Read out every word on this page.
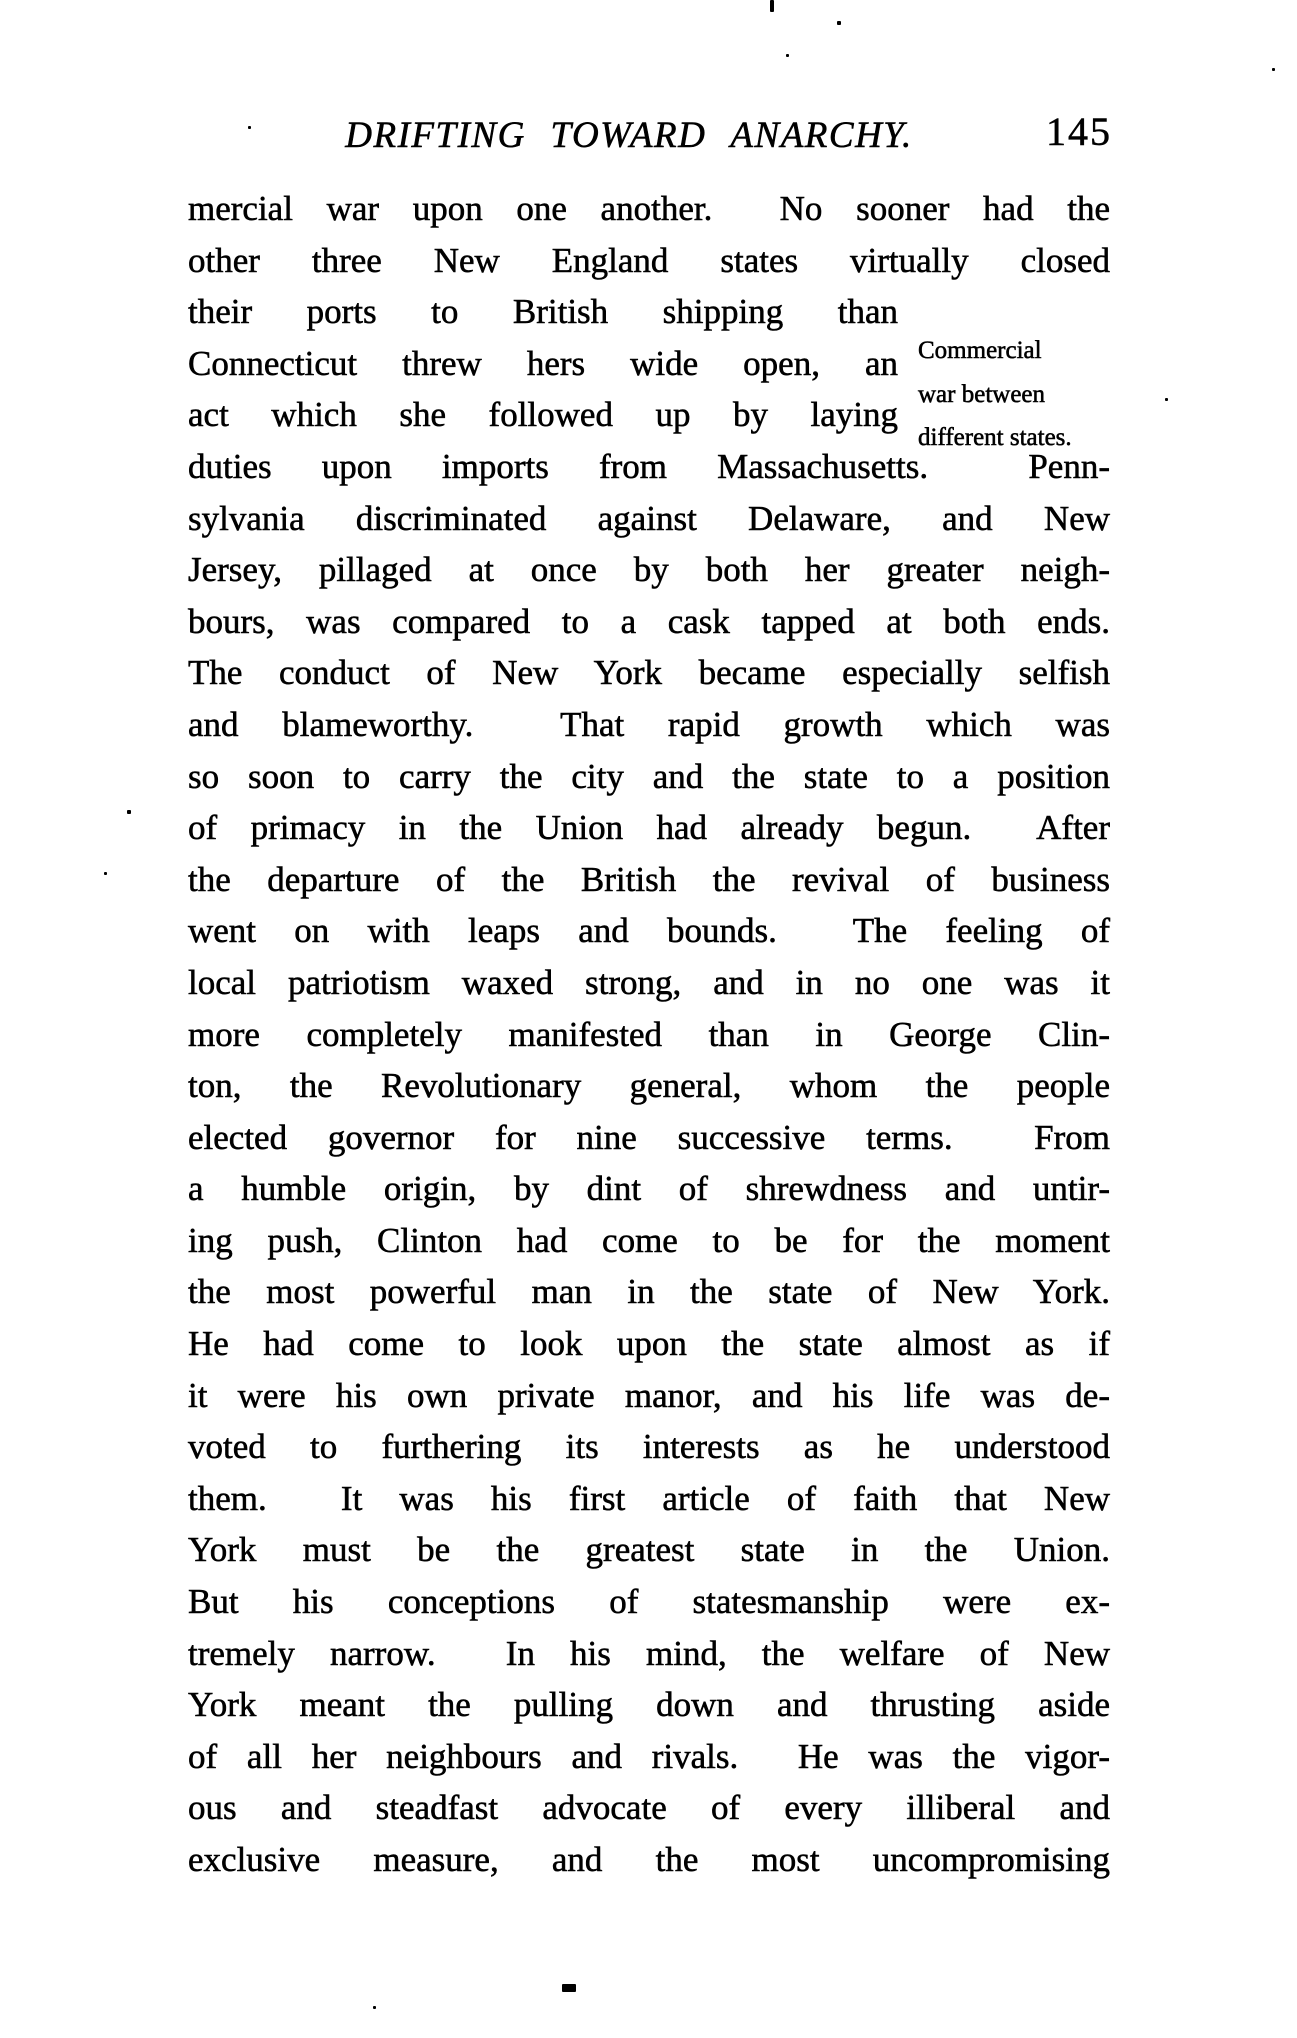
DRIFTING TOWARD ANARCHY.	145
mercial war upon one another.  No sooner had the
other three New England states virtually closed
their ports to British shipping than
Connecticut threw hers wide open, an
act which she followed up by laying
duties upon imports from Massachusetts.  Penn-
sylvania discriminated against Delaware, and New
Jersey, pillaged at once by both her greater neigh-
bours, was compared to a cask tapped at both ends.
The conduct of New York became especially selfish
and blameworthy.  That rapid growth which was
so soon to carry the city and the state to a position
of primacy in the Union had already begun.  After
the departure of the British the revival of business
went on with leaps and bounds.  The feeling of
local patriotism waxed strong, and in no one was it
more completely manifested than in George Clin-
ton, the Revolutionary general, whom the people
elected governor for nine successive terms.  From
a humble origin, by dint of shrewdness and untir-
ing push, Clinton had come to be for the moment
the most powerful man in the state of New York.
He had come to look upon the state almost as if
it were his own private manor, and his life was de-
voted to furthering its interests as he understood
them.  It was his first article of faith that New
York must be the greatest state in the Union.
But his conceptions of statesmanship were ex-
tremely narrow.  In his mind, the welfare of New
York meant the pulling down and thrusting aside
of all her neighbours and rivals.  He was the vigor-
ous and steadfast advocate of every illiberal and
exclusive measure, and the most uncompromising
Commercial
war between
different states.
